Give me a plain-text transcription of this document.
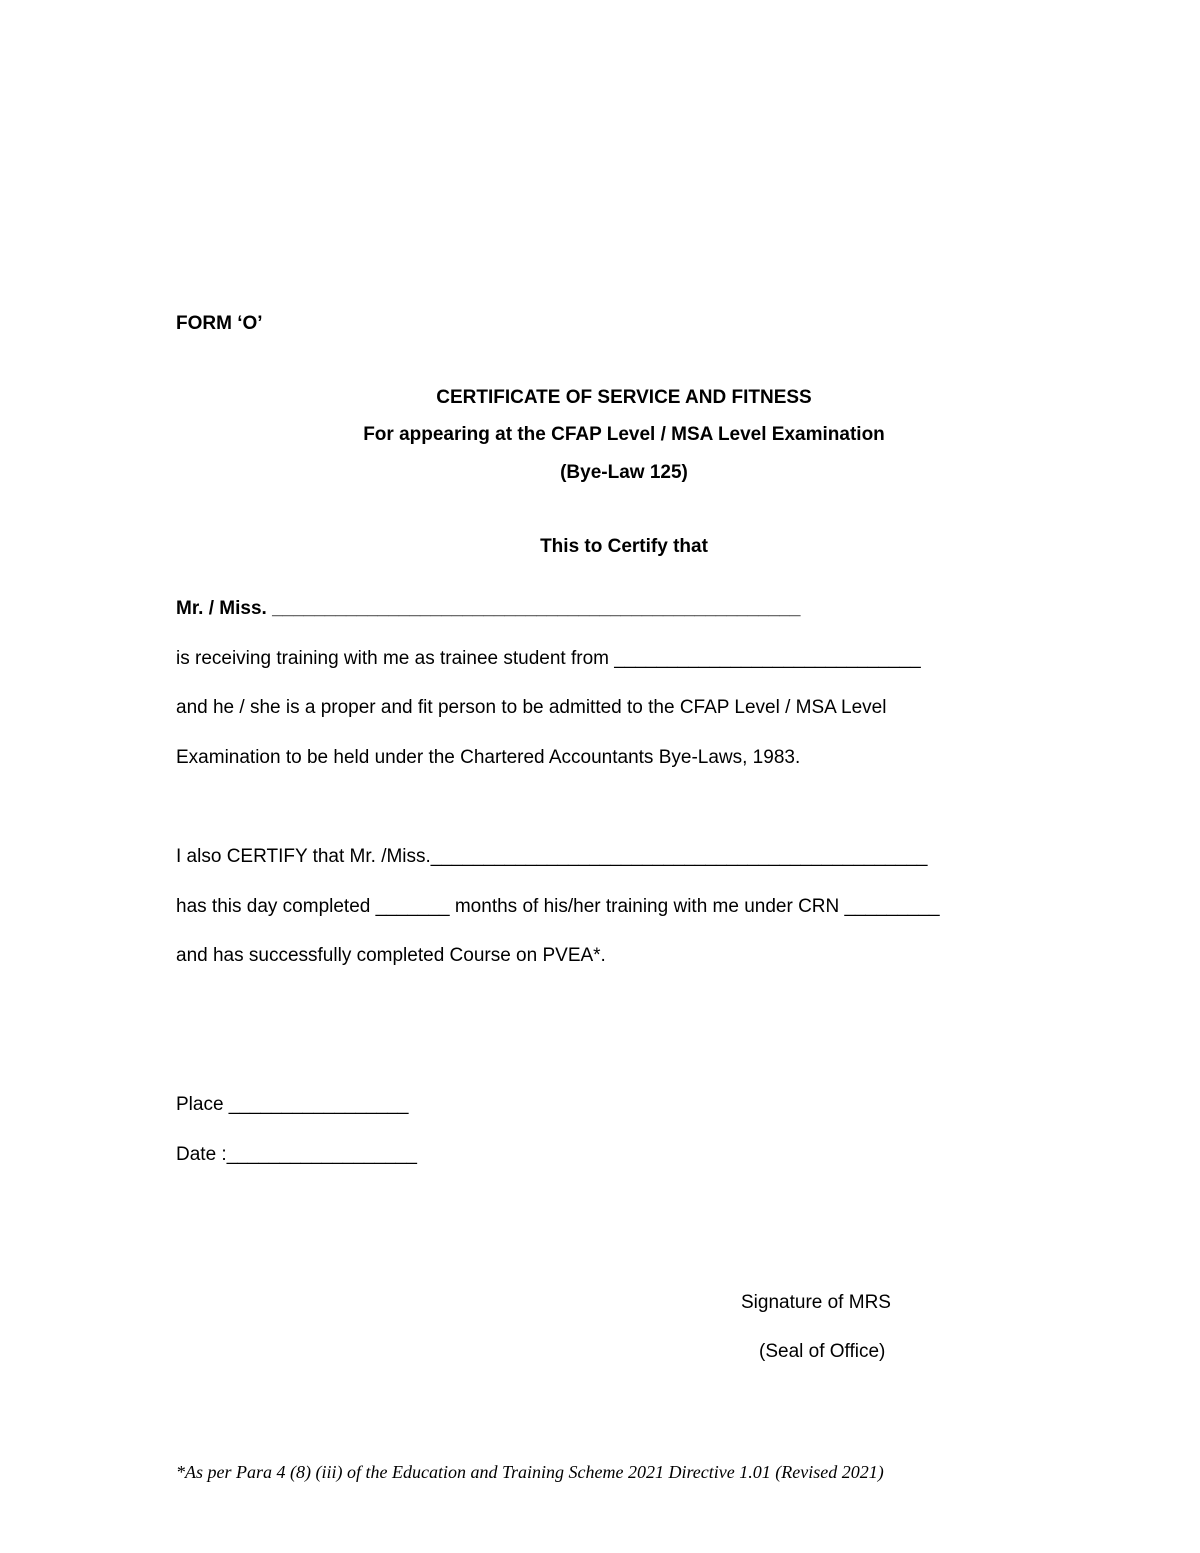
FORM ‘O’
CERTIFICATE OF SERVICE AND FITNESS
For appearing at the CFAP Level / MSA Level Examination
(Bye-Law 125)
This to Certify that
Mr. / Miss. __________________________________________________
is receiving training with me as trainee student from _____________________________
and he / she is a proper and fit person to be admitted to the CFAP Level / MSA Level
Examination to be held under the Chartered Accountants Bye-Laws, 1983.
I also CERTIFY that Mr. /Miss._______________________________________________
has this day completed _______ months of his/her training with me under CRN _________
and has successfully completed Course on PVEA*.
Place _________________
Date :__________________
Signature of MRS
(Seal of Office)
*As per Para 4 (8) (iii) of the Education and Training Scheme 2021 Directive 1.01 (Revised 2021)
